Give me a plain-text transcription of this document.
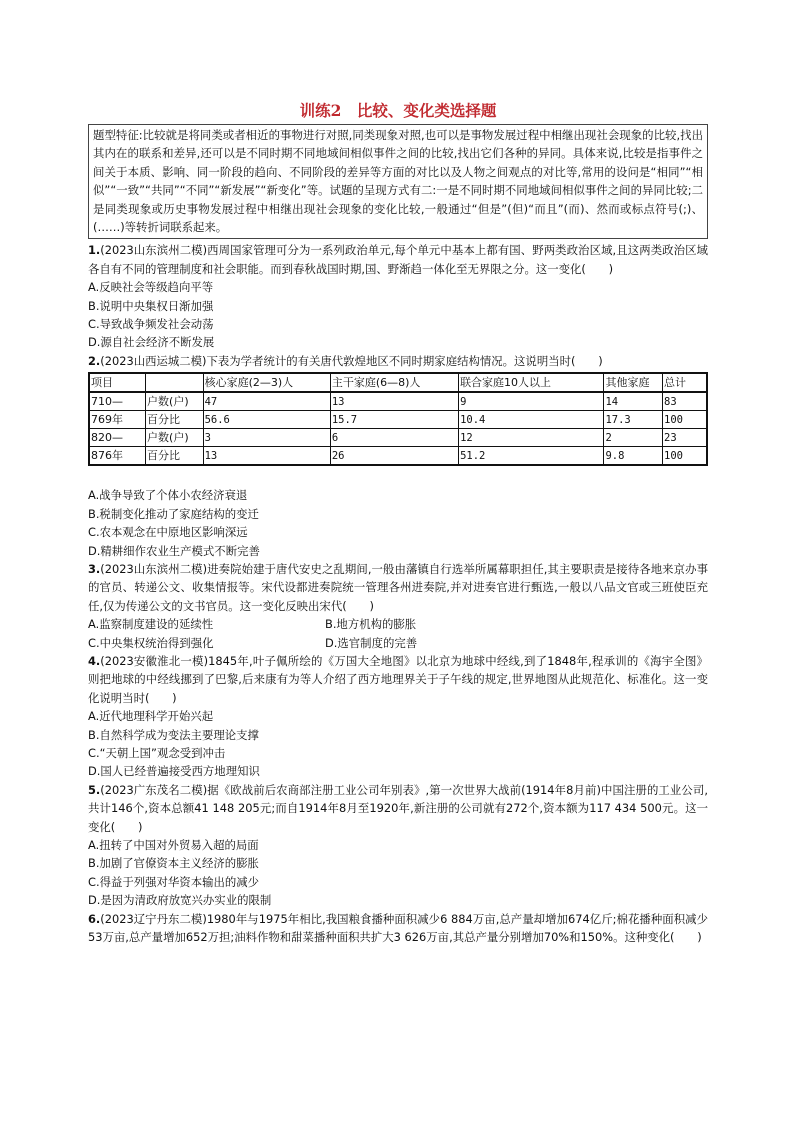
训练2　比较、变化类选择题
题型特征:比较就是将同类或者相近的事物进行对照,同类现象对照,也可以是事物发展过程中相继出现社会现象的比较,找出其内在的联系和差异,还可以是不同时期不同地域间相似事件之间的比较,找出它们各种的异同。具体来说,比较是指事件之间关于本质、影响、同一阶段的趋向、不同阶段的差异等方面的对比以及人物之间观点的对比等,常用的设问是“相同”“相似”“一致”“共同”“不同”“新发展”“新变化”等。试题的呈现方式有二:一是不同时期不同地域间相似事件之间的异同比较;二是同类现象或历史事物发展过程中相继出现社会现象的变化比较,一般通过“但是”(但)“而且”(而)、然而或标点符号(;)、(……)等转折词联系起来。

1.(2023山东滨州二模)西周国家管理可分为一系列政治单元,每个单元中基本上都有国、野两类政治区域,且这两类政治区域各自有不同的管理制度和社会职能。而到春秋战国时期,国、野渐趋一体化至无界限之分。这一变化(　　)

A.反映社会等级趋向平等

B.说明中央集权日渐加强

C.导致战争频发社会动荡

D.源自社会经济不断发展

2.(2023山西运城二模)下表为学者统计的有关唐代敦煌地区不同时期家庭结构情况。这说明当时(　　)

项目		核心家庭(2—3)人	主干家庭(6—8)人	联合家庭10人以上	其他家庭	总计
710—	户数(户)	47	13	9	14	83
769年	百分比	56.6	15.7	10.4	17.3	100
820—	户数(户)	3	6	12	2	23
876年	百分比	13	26	51.2	9.8	100

A.战争导致了个体小农经济衰退

B.税制变化推动了家庭结构的变迁

C.农本观念在中原地区影响深远

D.精耕细作农业生产模式不断完善

3.(2023山东滨州二模)进奏院始建于唐代安史之乱期间,一般由藩镇自行选举所属幕职担任,其主要职责是接待各地来京办事的官员、转递公文、收集情报等。宋代设都进奏院统一管理各州进奏院,并对进奏官进行甄选,一般以八品文官或三班使臣充任,仅为传递公文的文书官员。这一变化反映出宋代(　　)

A.监察制度建设的延续性	B.地方机构的膨胀
C.中央集权统治得到强化	D.选官制度的完善

4.(2023安徽淮北一模)1845年,叶子佩所绘的《万国大全地图》以北京为地球中经线,到了1848年,程承训的《海宇全图》则把地球的中经线挪到了巴黎,后来康有为等人介绍了西方地理界关于子午线的规定,世界地图从此规范化、标准化。这一变化说明当时(　　)

A.近代地理科学开始兴起

B.自然科学成为变法主要理论支撑

C.“天朝上国”观念受到冲击

D.国人已经普遍接受西方地理知识

5.(2023广东茂名二模)据《欧战前后农商部注册工业公司年别表》,第一次世界大战前(1914年8月前)中国注册的工业公司,共计146个,资本总额41 148 205元;而自1914年8月至1920年,新注册的公司就有272个,资本额为117 434 500元。这一变化(　　)

A.扭转了中国对外贸易入超的局面

B.加剧了官僚资本主义经济的膨胀

C.得益于列强对华资本输出的减少

D.是因为清政府放宽兴办实业的限制

6.(2023辽宁丹东二模)1980年与1975年相比,我国粮食播种面积减少6 884万亩,总产量却增加674亿斤;棉花播种面积减少53万亩,总产量增加652万担;油料作物和甜菜播种面积共扩大3 626万亩,其总产量分别增加70%和150%。这种变化(　　)
